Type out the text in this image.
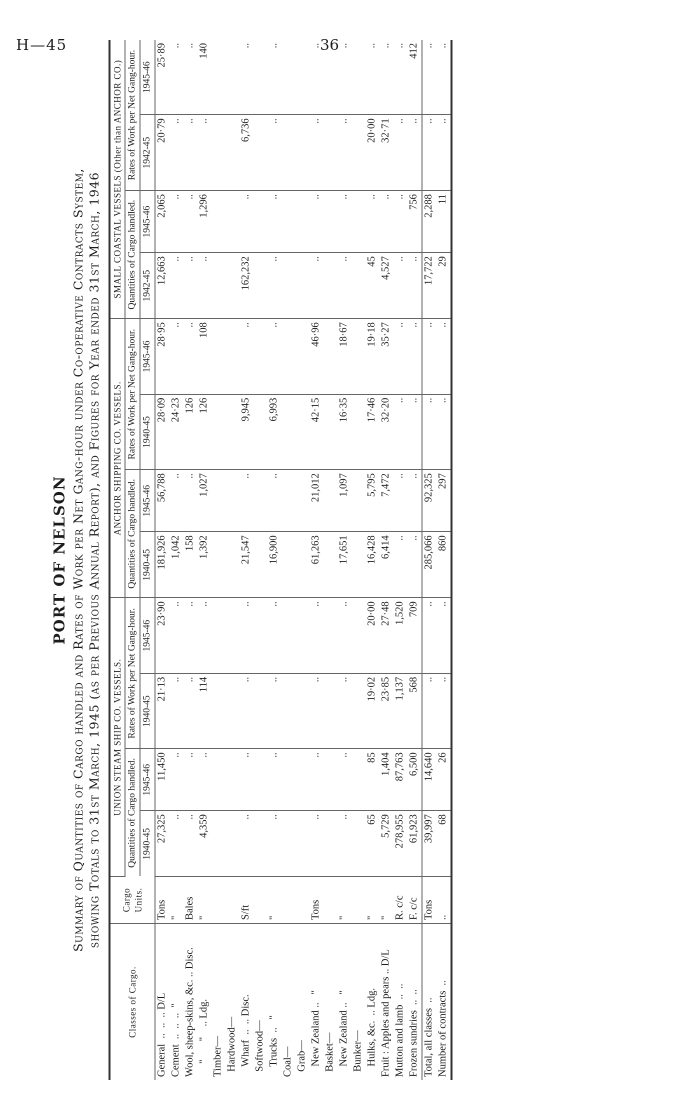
H—45	36
PORT OF NELSON Summary of Quantities of Cargo handled and Rates of Work per Net Gang-hour under Co-operative Contracts System, showing Totals to 31st March, 1945 (as per Previous Annual Report), and Figures for Year ended 31st March, 1946
Classes of Cargo.	Cargo Units.	UNION STEAM SHIP CO. VESSELS.				ANCHOR SHIPPING CO. VESSELS.				SMALL COASTAL VESSELS (Other than ANCHOR CO.)			
		Quantities of Cargo handled.		Rates of Work per Net Gang-hour.		Quantities of Cargo handled.		Rates of Work per Net Gang-hour.		Quantities of Cargo handled.		Rates of Work per Net Gang-hour.	
		1940-45	1945-46	1940-45	1945-46	1940-45	1945-46	1940-45	1945-46	1942-45	1945-46	1942-45	1945-46
General  ..  ..  .. D/L	Tons	27,325	11,450	21·13	23·90	181,926	56,788	28·09	28·95	12,663	2,065	20·79	25·89
Cement  ..  ..  ..  "	"	..	..	..	..	1,042	..	24·23	..	..	..	..	..
Wool, sheep-skins, &c. .. Disc.	Bales	..	..	..	..	158	..	126	..	..	..	..	..
"       "    .. Ldg.	"	4,359	..	114	..	1,392	1,027	126	108	..	1,296	..	140
Timber—													
Hardwood—													
Wharf  ..  .. Disc.	S/ft	..	..	..	..	21,547	..	9,945	..	162,232	..	6,736	..
Softwood—													
Trucks  ..   "	"	..	..	..	..	16,900	..	6,993	..	..	..	..	..
Coal—													
Grab—													
New Zealand ..   "	Tons	..	..	..	..	61,263	21,012	42·15	46·96	..	..	..	..
Basket—													
New Zealand ..   "	"	..	..	..	..	17,651	1,097	16·35	18·67	..	..	..	..
Bunker—													
Hulks, &c.  .. Ldg.	"	65	85	19·02	20·00	16,428	5,795	17·46	19·18	45	..	20·00	..
Fruit : Apples and pears .. D/L	"	5,729	1,404	23·85	27·48	6,414	7,472	32·20	35·27	4,527	..	32·71	..
Mutton and lamb  ..  ..	R. c/c	278,955	87,763	1,137	1,520	..	..	..	..	..	..	..	..
Frozen sundries  ..  ..	F. c/c	61,923	6,500	568	709	..	..	..	..	..	756	..	412
Total, all classes  ..	Tons	39,997	14,640	..	..	285,066	92,325	..	..	17,722	2,288	..	..
Number of contracts  ..	..	68	26	..	..	860	297	..	..	29	11	..	..
